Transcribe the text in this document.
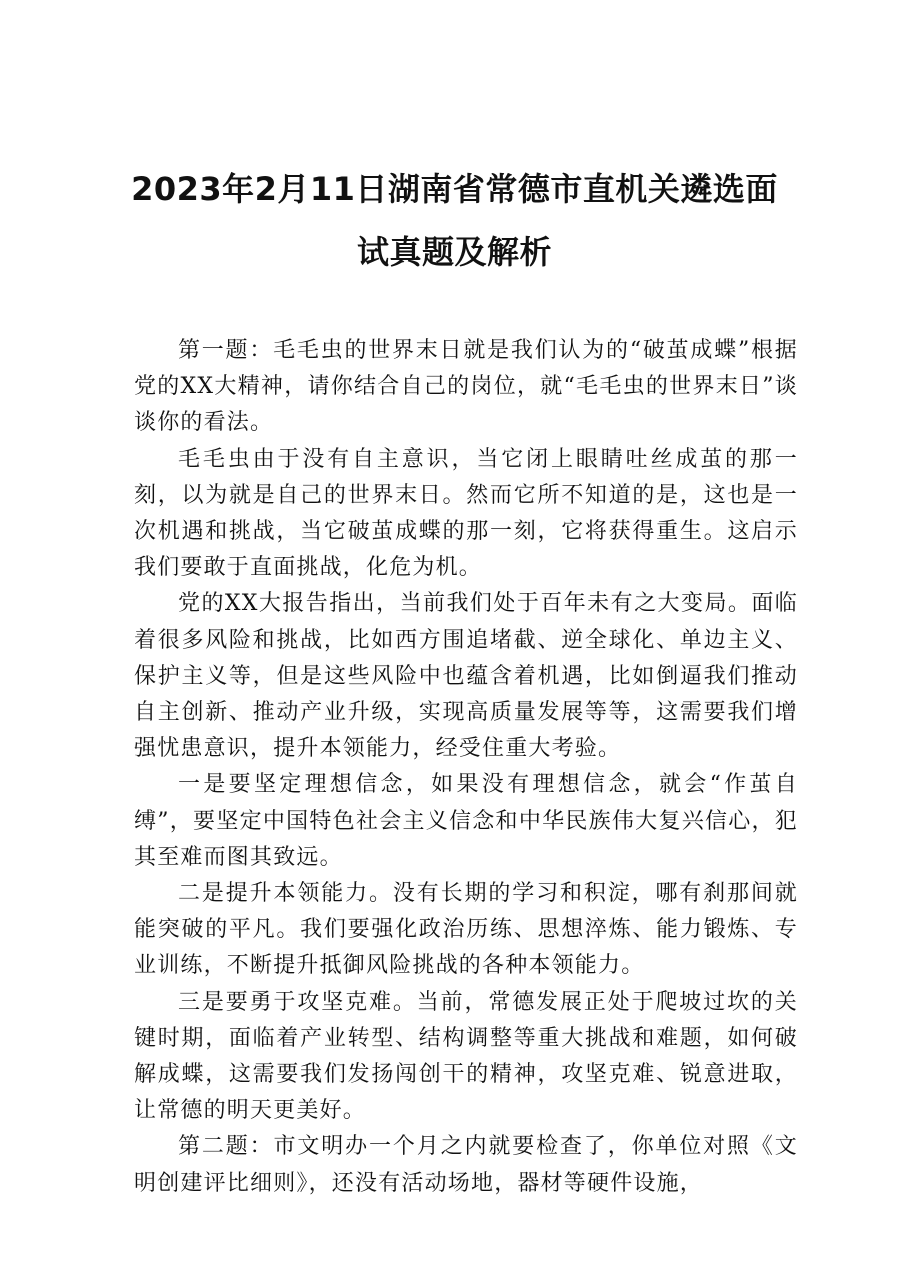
2023年2月11日湖南省常德市直机关遴选面
试真题及解析

第一题：毛毛虫的世界末日就是我们认为的“破茧成蝶”根据党的XX大精神，请你结合自己的岗位，就“毛毛虫的世界末日”谈谈你的看法。

毛毛虫由于没有自主意识，当它闭上眼睛吐丝成茧的那一刻，以为就是自己的世界末日。然而它所不知道的是，这也是一次机遇和挑战，当它破茧成蝶的那一刻，它将获得重生。这启示我们要敢于直面挑战，化危为机。

党的XX大报告指出，当前我们处于百年未有之大变局。面临着很多风险和挑战，比如西方围追堵截、逆全球化、单边主义、保护主义等，但是这些风险中也蕴含着机遇，比如倒逼我们推动自主创新、推动产业升级，实现高质量发展等等，这需要我们增强忧患意识，提升本领能力，经受住重大考验。

一是要坚定理想信念，如果没有理想信念，就会“作茧自缚”，要坚定中国特色社会主义信念和中华民族伟大复兴信心，犯其至难而图其致远。

二是提升本领能力。没有长期的学习和积淀，哪有刹那间就能突破的平凡。我们要强化政治历练、思想淬炼、能力锻炼、专业训练，不断提升抵御风险挑战的各种本领能力。

三是要勇于攻坚克难。当前，常德发展正处于爬坡过坎的关键时期，面临着产业转型、结构调整等重大挑战和难题，如何破解成蝶，这需要我们发扬闯创干的精神，攻坚克难、锐意进取，让常德的明天更美好。

第二题：市文明办一个月之内就要检查了，你单位对照《文明创建评比细则》，还没有活动场地，器材等硬件设施，
